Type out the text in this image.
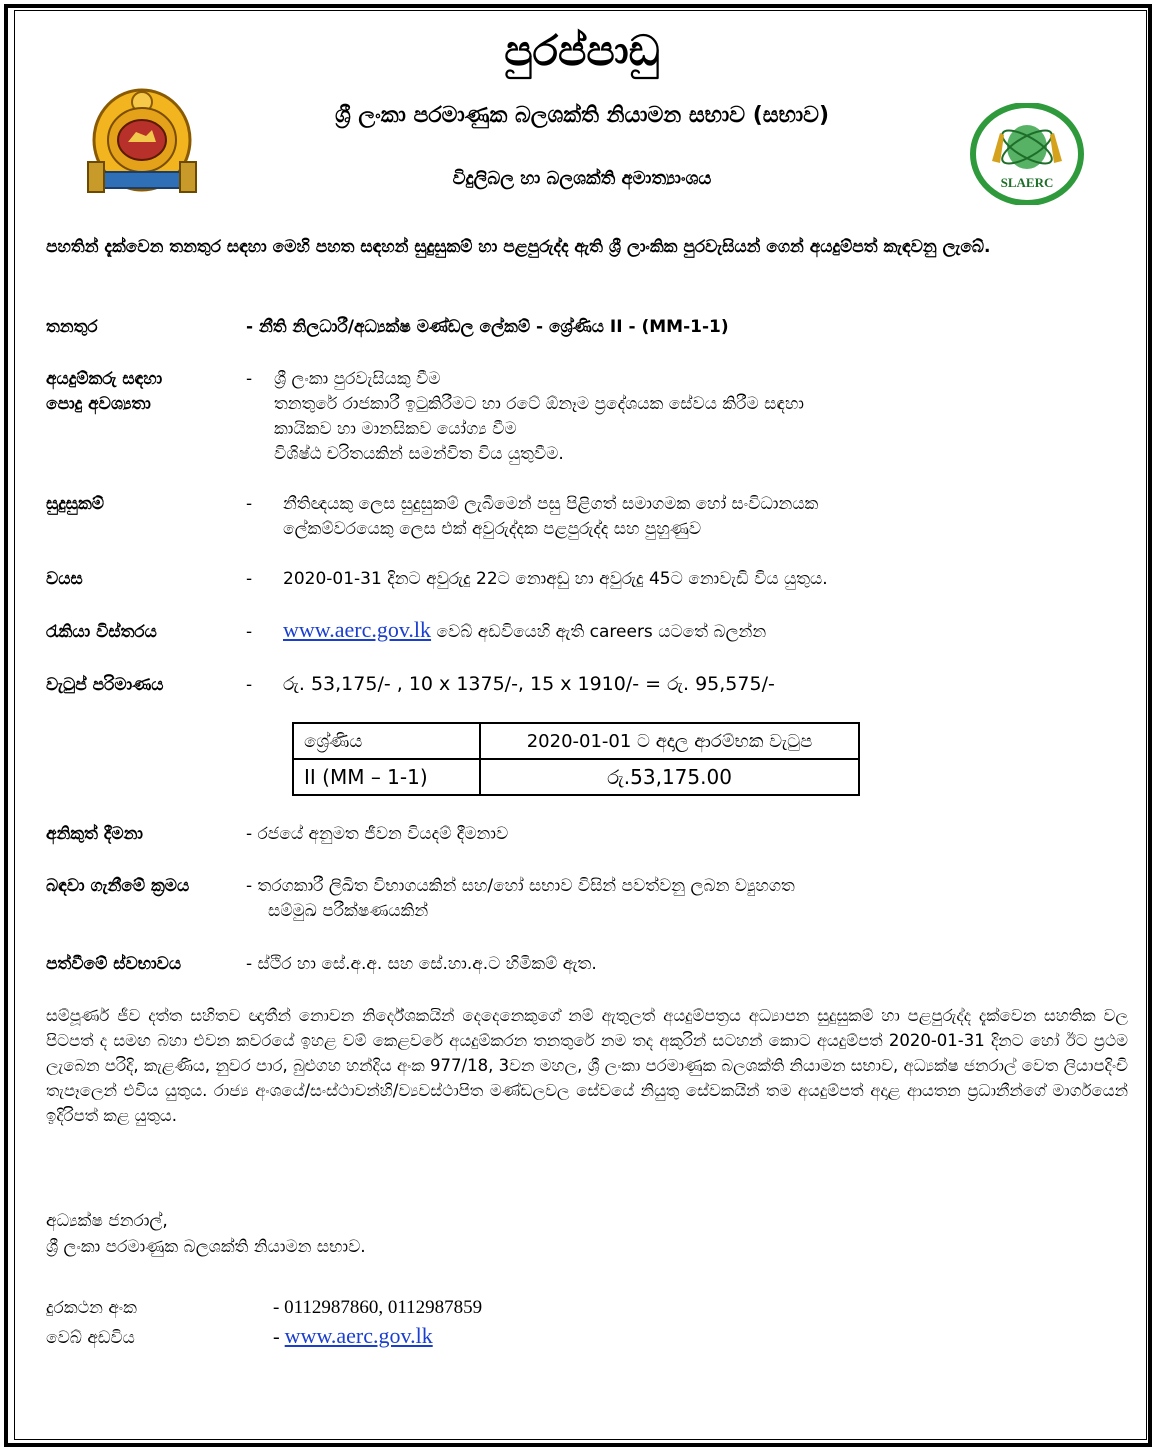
පුරප්පාඩු
ශ්‍රී ලංකා පරමාණුක බලශක්ති නියාමන සභාව (සභාව)
විදුලිබල හා බලශක්ති අමාත්‍යාංශය	SLAERC
පහතින් දැක්වෙන තනතුර සඳහා මෙහි පහත සඳහන් සුදුසුකම් හා පළපුරුද්ද ඇති ශ්‍රී ලාංකික පුරවැසියන් ගෙන් අයදුම්පත් කැඳවනු ලැබේ.
තනතුර	- නීති නිලධාරී/අධ්‍යක්ෂ මණ්ඩල ලේකම් - ශ්‍රේණිය II - (MM-1-1)
අයදුම්කරු සඳහා
පොදු අවශ්‍යතා
- ශ්‍රී ලංකා පුරවැසියකු වීම
තනතුරේ රාජකාරී ඉටුකිරීමට හා රටේ ඕනෑම ප්‍රදේශයක සේවය කිරීම සඳහා
කායිකව හා මානසිකව යෝග්‍ය වීම
විශිෂ්ඨ චරිතයකින් සමන්විත විය යුතුවීම.
සුදුසුකම්	- නීතිඥයකු ලෙස සුදුසුකම් ලැබීමෙන් පසු පිළිගත් සමාගමක හෝ සංවිධානයක
ලේකම්වරයෙකු ලෙස එක් අවුරුද්දක පළපුරුද්ද සහ පුහුණුව
වයස	- 2020-01-31 දිනට අවුරුදු 22ට නොඅඩු හා අවුරුදු 45ට නොවැඩි විය යුතුය.
රැකියා විස්තරය	- www.aerc.gov.lk වෙබ් අඩවියෙහි ඇති careers යටතේ බලන්න
වැටුප් පරිමාණය	- රු. 53,175/- , 10 x 1375/-, 15 x 1910/- = රු. 95,575/-
ශ්‍රේණිය	2020-01-01 ට අදාල ආරම්භක වැටුප
II (MM – 1-1)	රු.53,175.00
අනිකුත් දීමනා	- රජයේ අනුමත ජීවන වියදම් දීමනාව
බඳවා ගැනීමේ ක්‍රමය	- තරගකාරී ලිඛිත විභාගයකින් සහ/හෝ සභාව විසින් පවත්වනු ලබන ව්‍යුහගත
සම්මුඛ පරීක්ෂණයකින්
පත්වීමේ ස්වභාවය	- ස්ථිර හා සේ.අ.අ. සහ සේ.හා.අ.ට හිමිකම් ඇත.
සම්පූර්ණ ජීව දත්ත සහිතව ඥාතීන් නොවන නිර්දේශකයින් දෙදෙනෙකුගේ නම් ඇතුලත් අයදුම්පත්‍රය අධ්‍යාපන සුදුසුකම් හා පළපුරුද්ද දැක්වෙන සහතික වල පිටපත් ද සමඟ බහා එවන කවරයේ ඉහළ වම් කෙළවරේ අයදුම්කරන තනතුරේ නම තද අකුරින් සටහන් කොට අයදුම්පත් 2020-01-31 දිනට හෝ ඊට ප්‍රථම ලැබෙන පරිදි, කැළණිය, නුවර පාර, බුළුගහ හන්දිය අංක 977/18, 3වන මහල, ශ්‍රී ලංකා පරමාණුක බලශක්ති නියාමන සභාව, අධ්‍යක්ෂ ජනරාල් වෙත ලියාපදිංචි තැපෑලෙන් එවිය යුතුය. රාජ්‍ය අංශයේ/සංස්ථාවන්හි/ව්‍යවස්ථාපිත මණ්ඩලවල සේවයේ නියුතු සේවකයින් තම අයදුම්පත් අදාළ ආයතන ප්‍රධානීන්ගේ මාර්ගයෙන් ඉදිරිපත් කළ යුතුය.
අධ්‍යක්ෂ ජනරාල්,
ශ්‍රී ලංකා පරමාණුක බලශක්ති නියාමන සභාව.
දුරකථන අංක	- 0112987860, 0112987859
වෙබ් අඩවිය	- www.aerc.gov.lk
